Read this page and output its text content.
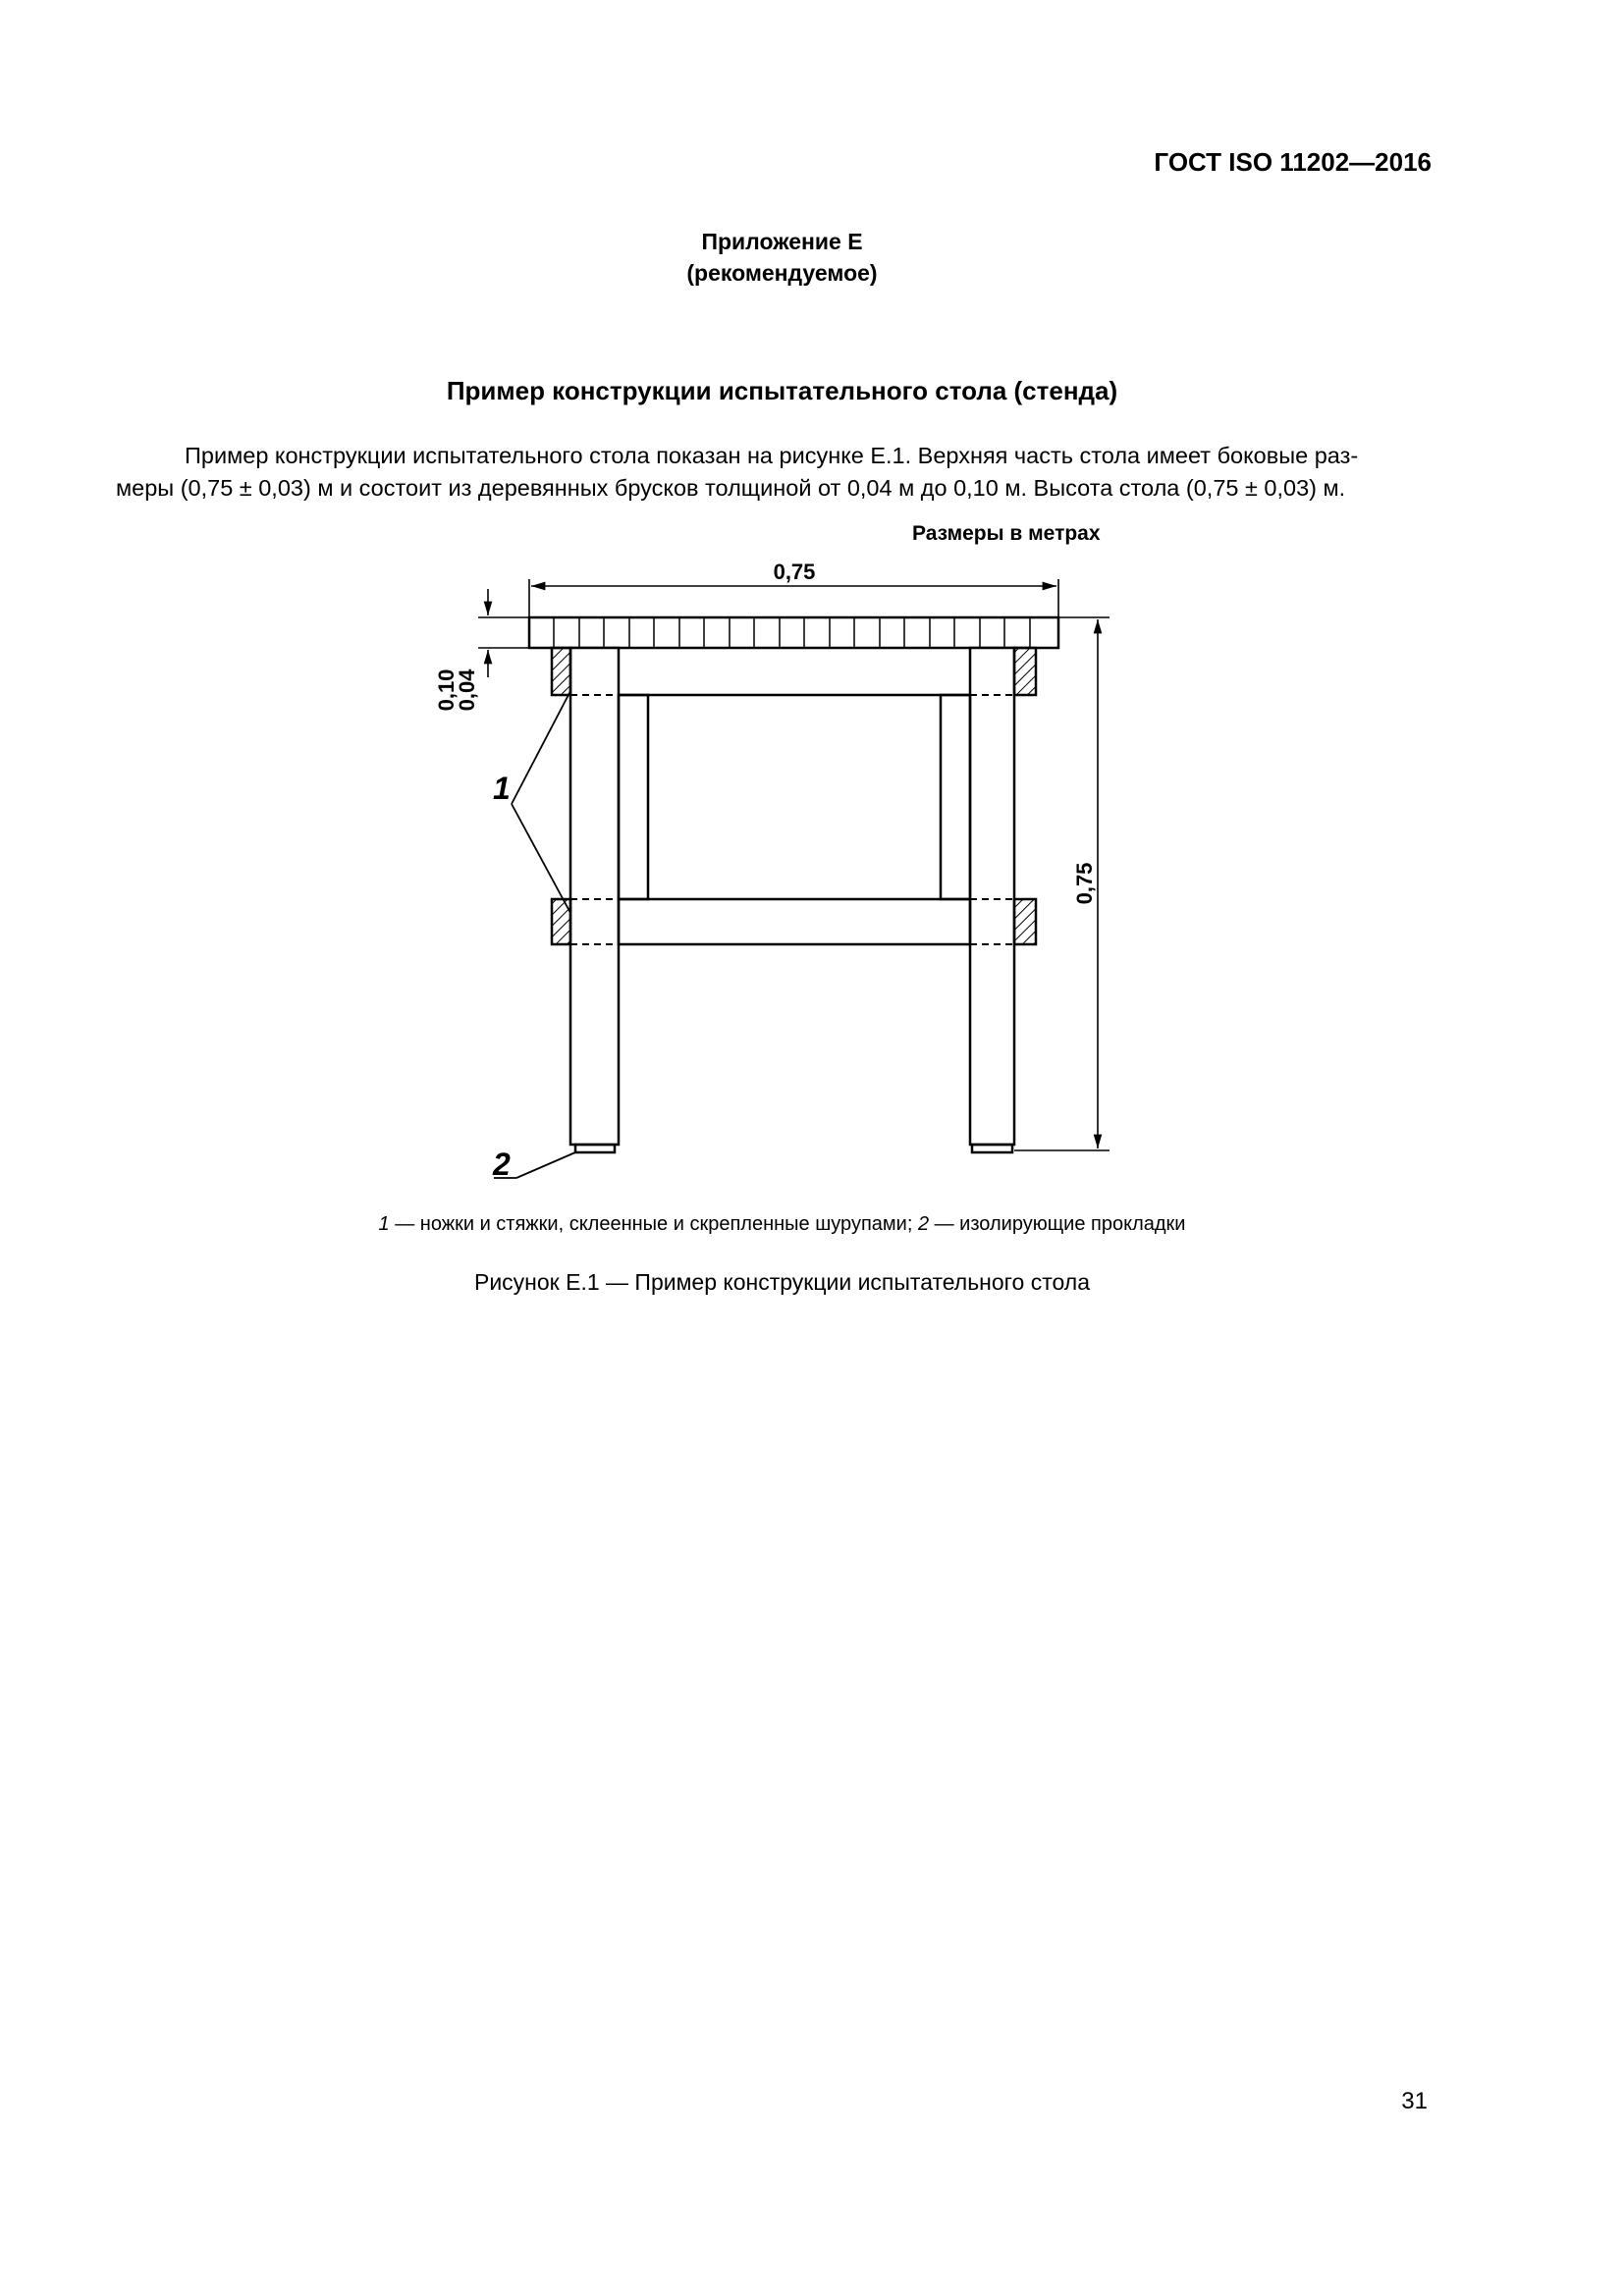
ГОСТ ISO 11202—2016
Приложение E
(рекомендуемое)
Пример конструкции испытательного стола (стенда)
Пример конструкции испытательного стола показан на рисунке E.1. Верхняя часть стола имеет боковые раз-
меры (0,75 ± 0,03) м и состоит из деревянных брусков толщиной от 0,04 м до 0,10 м. Высота стола (0,75 ± 0,03) м.
Размеры в метрах
0,75
0,75
0,10
0,04
1
2
1 — ножки и стяжки, склеенные и скрепленные шурупами; 2 — изолирующие прокладки
Рисунок E.1 — Пример конструкции испытательного стола
31
